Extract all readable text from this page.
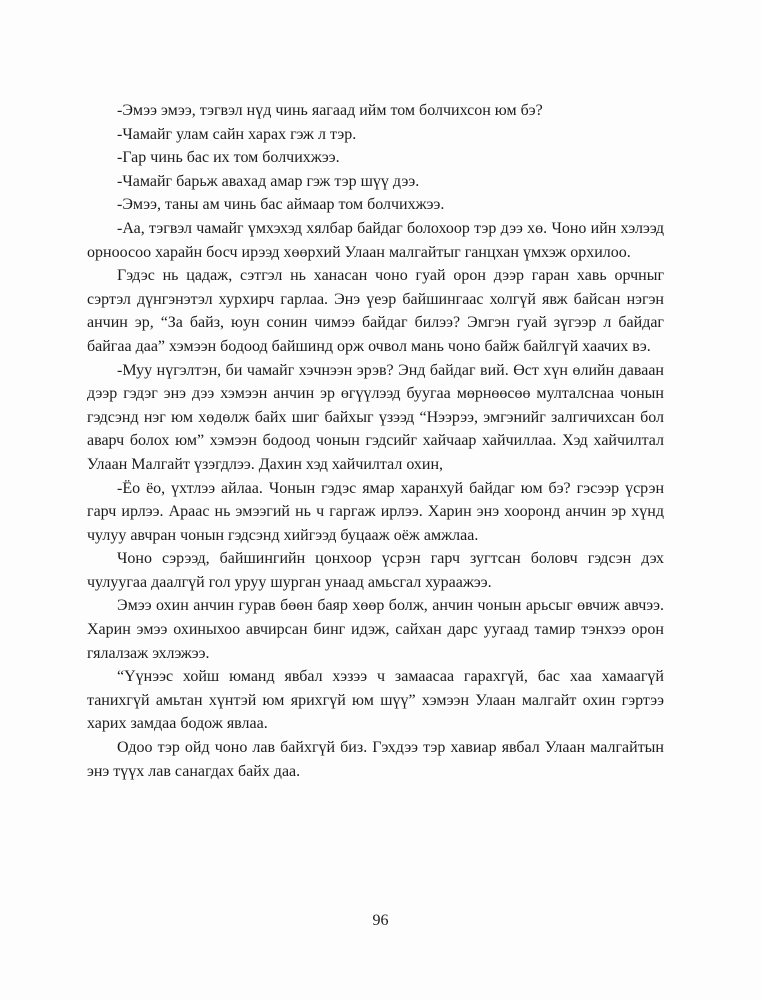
-Эмээ эмээ, тэгвэл нүд чинь яагаад ийм том болчихсон юм бэ?

-Чамайг улам сайн харах гэж л тэр.

-Гар чинь бас их том болчихжээ.

-Чамайг барьж авахад амар гэж тэр шүү дээ.

-Эмээ, таны ам чинь бас аймаар том болчихжээ.

-Аа, тэгвэл чамайг үмхэхэд хялбар байдаг болохоор тэр дээ хө. Чоно ийн хэлээд орноосоо харайн босч ирээд хөөрхий Улаан малгайтыг ганцхан үмхэж орхилоо.

Гэдэс нь цадаж, сэтгэл нь ханасан чоно гуай орон дээр гаран хавь орчныг сэртэл дүнгэнэтэл хурхирч гарлаа. Энэ үеэр байшингаас холгүй явж байсан нэгэн анчин эр, “За байз, юун сонин чимээ байдаг билээ? Эмгэн гуай зүгээр л байдаг байгаа даа” хэмээн бодоод байшинд орж очвол мань чоно байж байлгүй хаачих вэ.

-Муу нүгэлтэн, би чамайг хэчнээн эрэв? Энд байдаг вий. Өст хүн өлийн даваан дээр гэдэг энэ дээ хэмээн анчин эр өгүүлээд буугаа мөрнөөсөө мулталснаа чонын гэдсэнд нэг юм хөдөлж байх шиг байхыг үзээд “Нээрээ, эмгэнийг залгичихсан бол аварч болох юм” хэмээн бодоод чонын гэдсийг хайчаар хайчиллаа. Хэд хайчилтал Улаан Малгайт үзэгдлээ. Дахин хэд хайчилтал охин,

-Ёо ёо, үхтлээ айлаа. Чонын гэдэс ямар харанхуй байдаг юм бэ? гэсээр үсрэн гарч ирлээ. Араас нь эмээгий нь ч гаргаж ирлээ. Харин энэ хооронд анчин эр хүнд чулуу авчран чонын гэдсэнд хийгээд буцааж оёж амжлаа.

Чоно сэрээд, байшингийн цонхоор үсрэн гарч зугтсан боловч гэдсэн дэх чулуугаа даалгүй гол уруу шурган унаад амьсгал хураажээ.

Эмээ охин анчин гурав бөөн баяр хөөр болж, анчин чонын арьсыг өвчиж авчээ. Харин эмээ охиныхоо авчирсан бинг идэж, сайхан дарс уугаад тамир тэнхээ орон гялалзаж эхлэжээ.

“Үүнээс хойш юманд явбал хэзээ ч замаасаа гарахгүй, бас хаа хамаагүй танихгүй амьтан хүнтэй юм ярихгүй юм шүү” хэмээн Улаан малгайт охин гэртээ харих замдаа бодож явлаа.

Одоо тэр ойд чоно лав байхгүй биз. Гэхдээ тэр хавиар явбал Улаан малгайтын энэ түүх лав санагдах байх даа.

96
